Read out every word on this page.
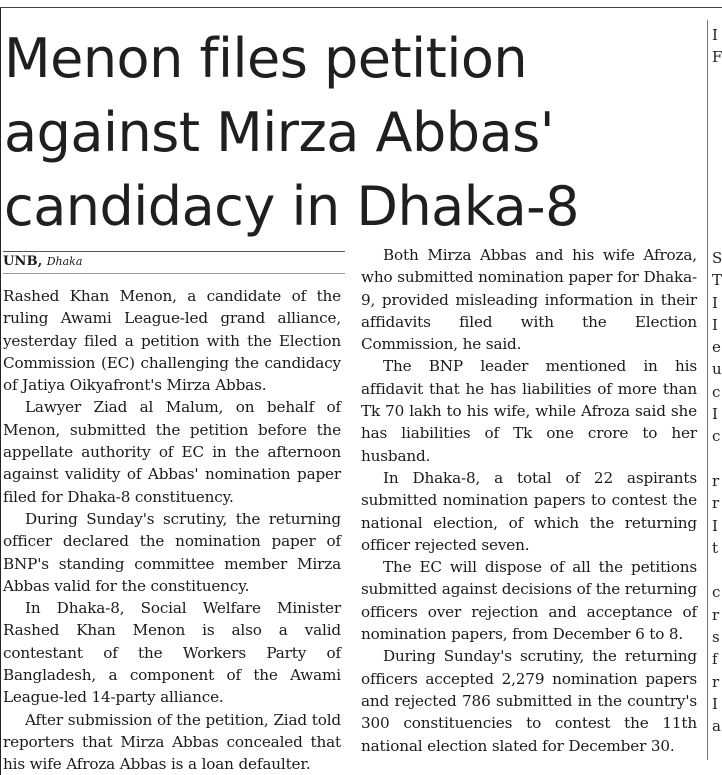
Menon files petition
against Mirza Abbas'
candidacy in Dhaka-8
UNB, Dhaka

Rashed Khan Menon, a candidate of the ruling Awami League-led grand alliance, yesterday filed a petition with the Election Commission (EC) challenging the candidacy of Jatiya Oikyafront's Mirza Abbas.

Lawyer Ziad al Malum, on behalf of Menon, submitted the petition before the appellate authority of EC in the afternoon against validity of Abbas' nomination paper filed for Dhaka-8 constituency.

During Sunday's scrutiny, the returning officer declared the nomination paper of BNP's standing committee member Mirza Abbas valid for the constituency.

In Dhaka-8, Social Welfare Minister Rashed Khan Menon is also a valid contestant of the Workers Party of Bangladesh, a component of the Awami League-led 14-party alliance.

After submission of the petition, Ziad told reporters that Mirza Abbas concealed that his wife Afroza Abbas is a loan defaulter.

Both Mirza Abbas and his wife Afroza, who submitted nomination paper for Dhaka-9, provided misleading information in their affidavits filed with the Election Commission, he said.

The BNP leader mentioned in his affidavit that he has liabilities of more than Tk 70 lakh to his wife, while Afroza said she has liabilities of Tk one crore to her husband.

In Dhaka-8, a total of 22 aspirants submitted nomination papers to contest the national election, of which the returning officer rejected seven.

The EC will dispose of all the petitions submitted against decisions of the returning officers over rejection and acceptance of nomination papers, from December 6 to 8.

During Sunday's scrutiny, the returning officers accepted 2,279 nomination papers and rejected 786 submitted in the country's 300 constituencies to contest the 11th national election slated for December 30.

I
F
S
T
I
I
e
u
c
I
c
r
r
I
t
c
r
s
f
r
I
a
